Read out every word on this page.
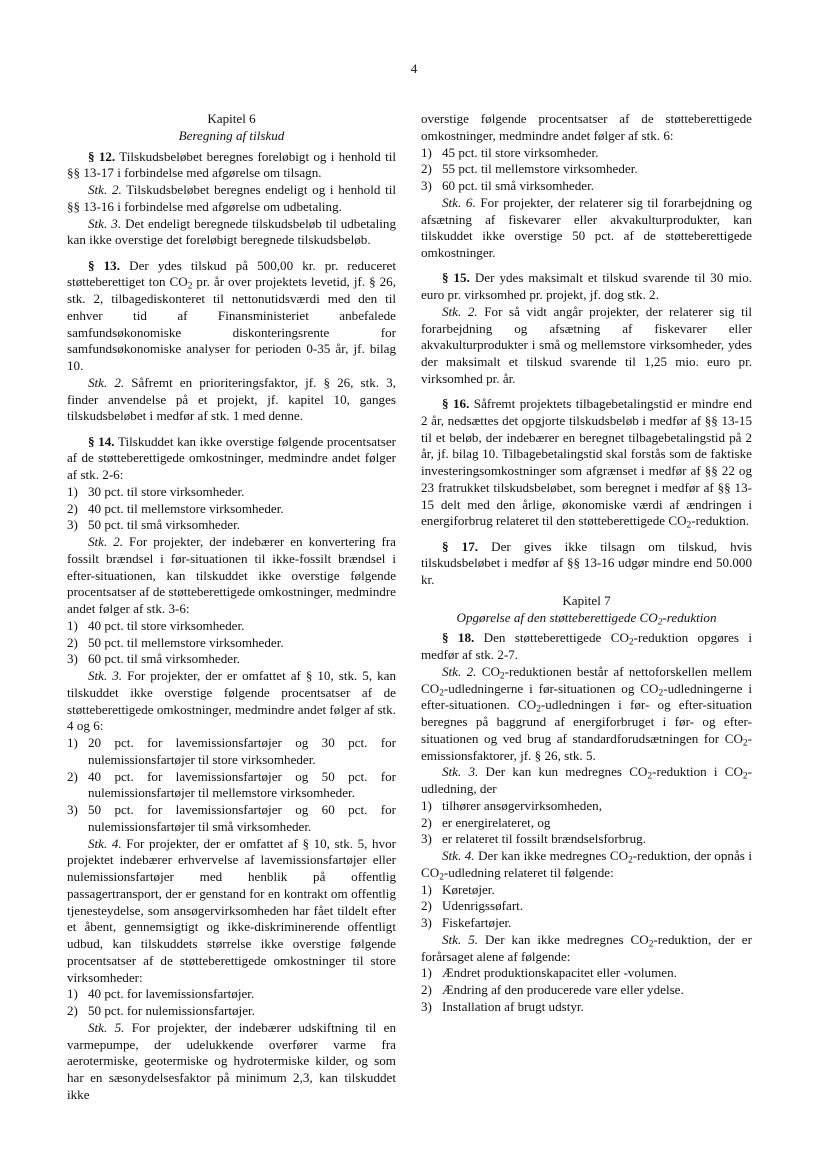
4

Kapitel 6

Beregning af tilskud

§ 12. Tilskudsbeløbet beregnes foreløbigt og i henhold til §§ 13-17 i forbindelse med afgørelse om tilsagn.

Stk. 2. Tilskudsbeløbet beregnes endeligt og i henhold til §§ 13-16 i forbindelse med afgørelse om udbetaling.

Stk. 3. Det endeligt beregnede tilskudsbeløb til udbetaling kan ikke overstige det foreløbigt beregnede tilskudsbeløb.

§ 13. Der ydes tilskud på 500,00 kr. pr. reduceret støtteberettiget ton $CO_2$ pr. år over projektets levetid, jf. § 26, stk. 2, tilbagediskonteret til nettonutidsværdi med den til enhver tid af Finansministeriet anbefalede samfundsøkonomiske diskonteringsrente for samfundsøkonomiske analyser for perioden 0-35 år, jf. bilag 10.

Stk. 2. Såfremt en prioriteringsfaktor, jf. § 26, stk. 3, finder anvendelse på et projekt, jf. kapitel 10, ganges tilskudsbeløbet i medfør af stk. 1 med denne.

§ 14. Tilskuddet kan ikke overstige følgende procentsatser af de støtteberettigede omkostninger, medmindre andet følger af stk. 2-6:

1) 30 pct. til store virksomheder.
2) 40 pct. til mellemstore virksomheder.
3) 50 pct. til små virksomheder.

Stk. 2. For projekter, der indebærer en konvertering fra fossilt brændsel i før-situationen til ikke-fossilt brændsel i efter-situationen, kan tilskuddet ikke overstige følgende procentsatser af de støtteberettigede omkostninger, medmindre andet følger af stk. 3-6:

1) 40 pct. til store virksomheder.
2) 50 pct. til mellemstore virksomheder.
3) 60 pct. til små virksomheder.

Stk. 3. For projekter, der er omfattet af § 10, stk. 5, kan tilskuddet ikke overstige følgende procentsatser af de støtteberettigede omkostninger, medmindre andet følger af stk. 4 og 6:

1) 20 pct. for lavemissionsfartøjer og 30 pct. for nulemissionsfartøjer til store virksomheder.
2) 40 pct. for lavemissionsfartøjer og 50 pct. for nulemissionsfartøjer til mellemstore virksomheder.
3) 50 pct. for lavemissionsfartøjer og 60 pct. for nulemissionsfartøjer til små virksomheder.

Stk. 4. For projekter, der er omfattet af § 10, stk. 5, hvor projektet indebærer erhvervelse af lavemissionsfartøjer eller nulemissionsfartøjer med henblik på offentlig passagertransport, der er genstand for en kontrakt om offentlig tjenesteydelse, som ansøgervirksomheden har fået tildelt efter et åbent, gennemsigtigt og ikke-diskriminerende offentligt udbud, kan tilskuddets størrelse ikke overstige følgende procentsatser af de støtteberettigede omkostninger til store virksomheder:

1) 40 pct. for lavemissionsfartøjer.
2) 50 pct. for nulemissionsfartøjer.

Stk. 5. For projekter, der indebærer udskiftning til en varmepumpe, der udelukkende overfører varme fra aerotermiske, geotermiske og hydrotermiske kilder, og som har en sæsonydelsesfaktor på minimum 2,3, kan tilskuddet ikke

overstige følgende procentsatser af de støtteberettigede omkostninger, medmindre andet følger af stk. 6:

1) 45 pct. til store virksomheder.
2) 55 pct. til mellemstore virksomheder.
3) 60 pct. til små virksomheder.

Stk. 6. For projekter, der relaterer sig til forarbejdning og afsætning af fiskevarer eller akvakulturprodukter, kan tilskuddet ikke overstige 50 pct. af de støtteberettigede omkostninger.

§ 15. Der ydes maksimalt et tilskud svarende til 30 mio. euro pr. virksomhed pr. projekt, jf. dog stk. 2.

Stk. 2. For så vidt angår projekter, der relaterer sig til forarbejdning og afsætning af fiskevarer eller akvakulturprodukter i små og mellemstore virksomheder, ydes der maksimalt et tilskud svarende til 1,25 mio. euro pr. virksomhed pr. år.

§ 16. Såfremt projektets tilbagebetalingstid er mindre end 2 år, nedsættes det opgjorte tilskudsbeløb i medfør af §§ 13-15 til et beløb, der indebærer en beregnet tilbagebetalingstid på 2 år, jf. bilag 10. Tilbagebetalingstid skal forstås som de faktiske investeringsomkostninger som afgrænset i medfør af §§ 22 og 23 fratrukket tilskudsbeløbet, som beregnet i medfør af §§ 13-15 delt med den årlige, økonomiske værdi af ændringen i energiforbrug relateret til den støtteberettigede $CO_2$-reduktion.

§ 17. Der gives ikke tilsagn om tilskud, hvis tilskudsbeløbet i medfør af §§ 13-16 udgør mindre end 50.000 kr.

Kapitel 7

Opgørelse af den støtteberettigede $CO_2$-reduktion

§ 18. Den støtteberettigede $CO_2$-reduktion opgøres i medfør af stk. 2-7.

Stk. 2. $CO_2$-reduktionen består af nettoforskellen mellem $CO_2$-udledningerne i før-situationen og $CO_2$-udledningerne i efter-situationen. $CO_2$-udledningen i før- og efter-situation beregnes på baggrund af energiforbruget i før- og efter-situationen og ved brug af standardforudsætningen for $CO_2$-emissionsfaktorer, jf. § 26, stk. 5.

Stk. 3. Der kan kun medregnes $CO_2$-reduktion i $CO_2$-udledning, der

1) tilhører ansøgervirksomheden,
2) er energirelateret, og
3) er relateret til fossilt brændselsforbrug.

Stk. 4. Der kan ikke medregnes $CO_2$-reduktion, der opnås i $CO_2$-udledning relateret til følgende:

1) Køretøjer.
2) Udenrigssøfart.
3) Fiskefartøjer.

Stk. 5. Der kan ikke medregnes $CO_2$-reduktion, der er forårsaget alene af følgende:

1) Ændret produktionskapacitet eller -volumen.
2) Ændring af den producerede vare eller ydelse.
3) Installation af brugt udstyr.
